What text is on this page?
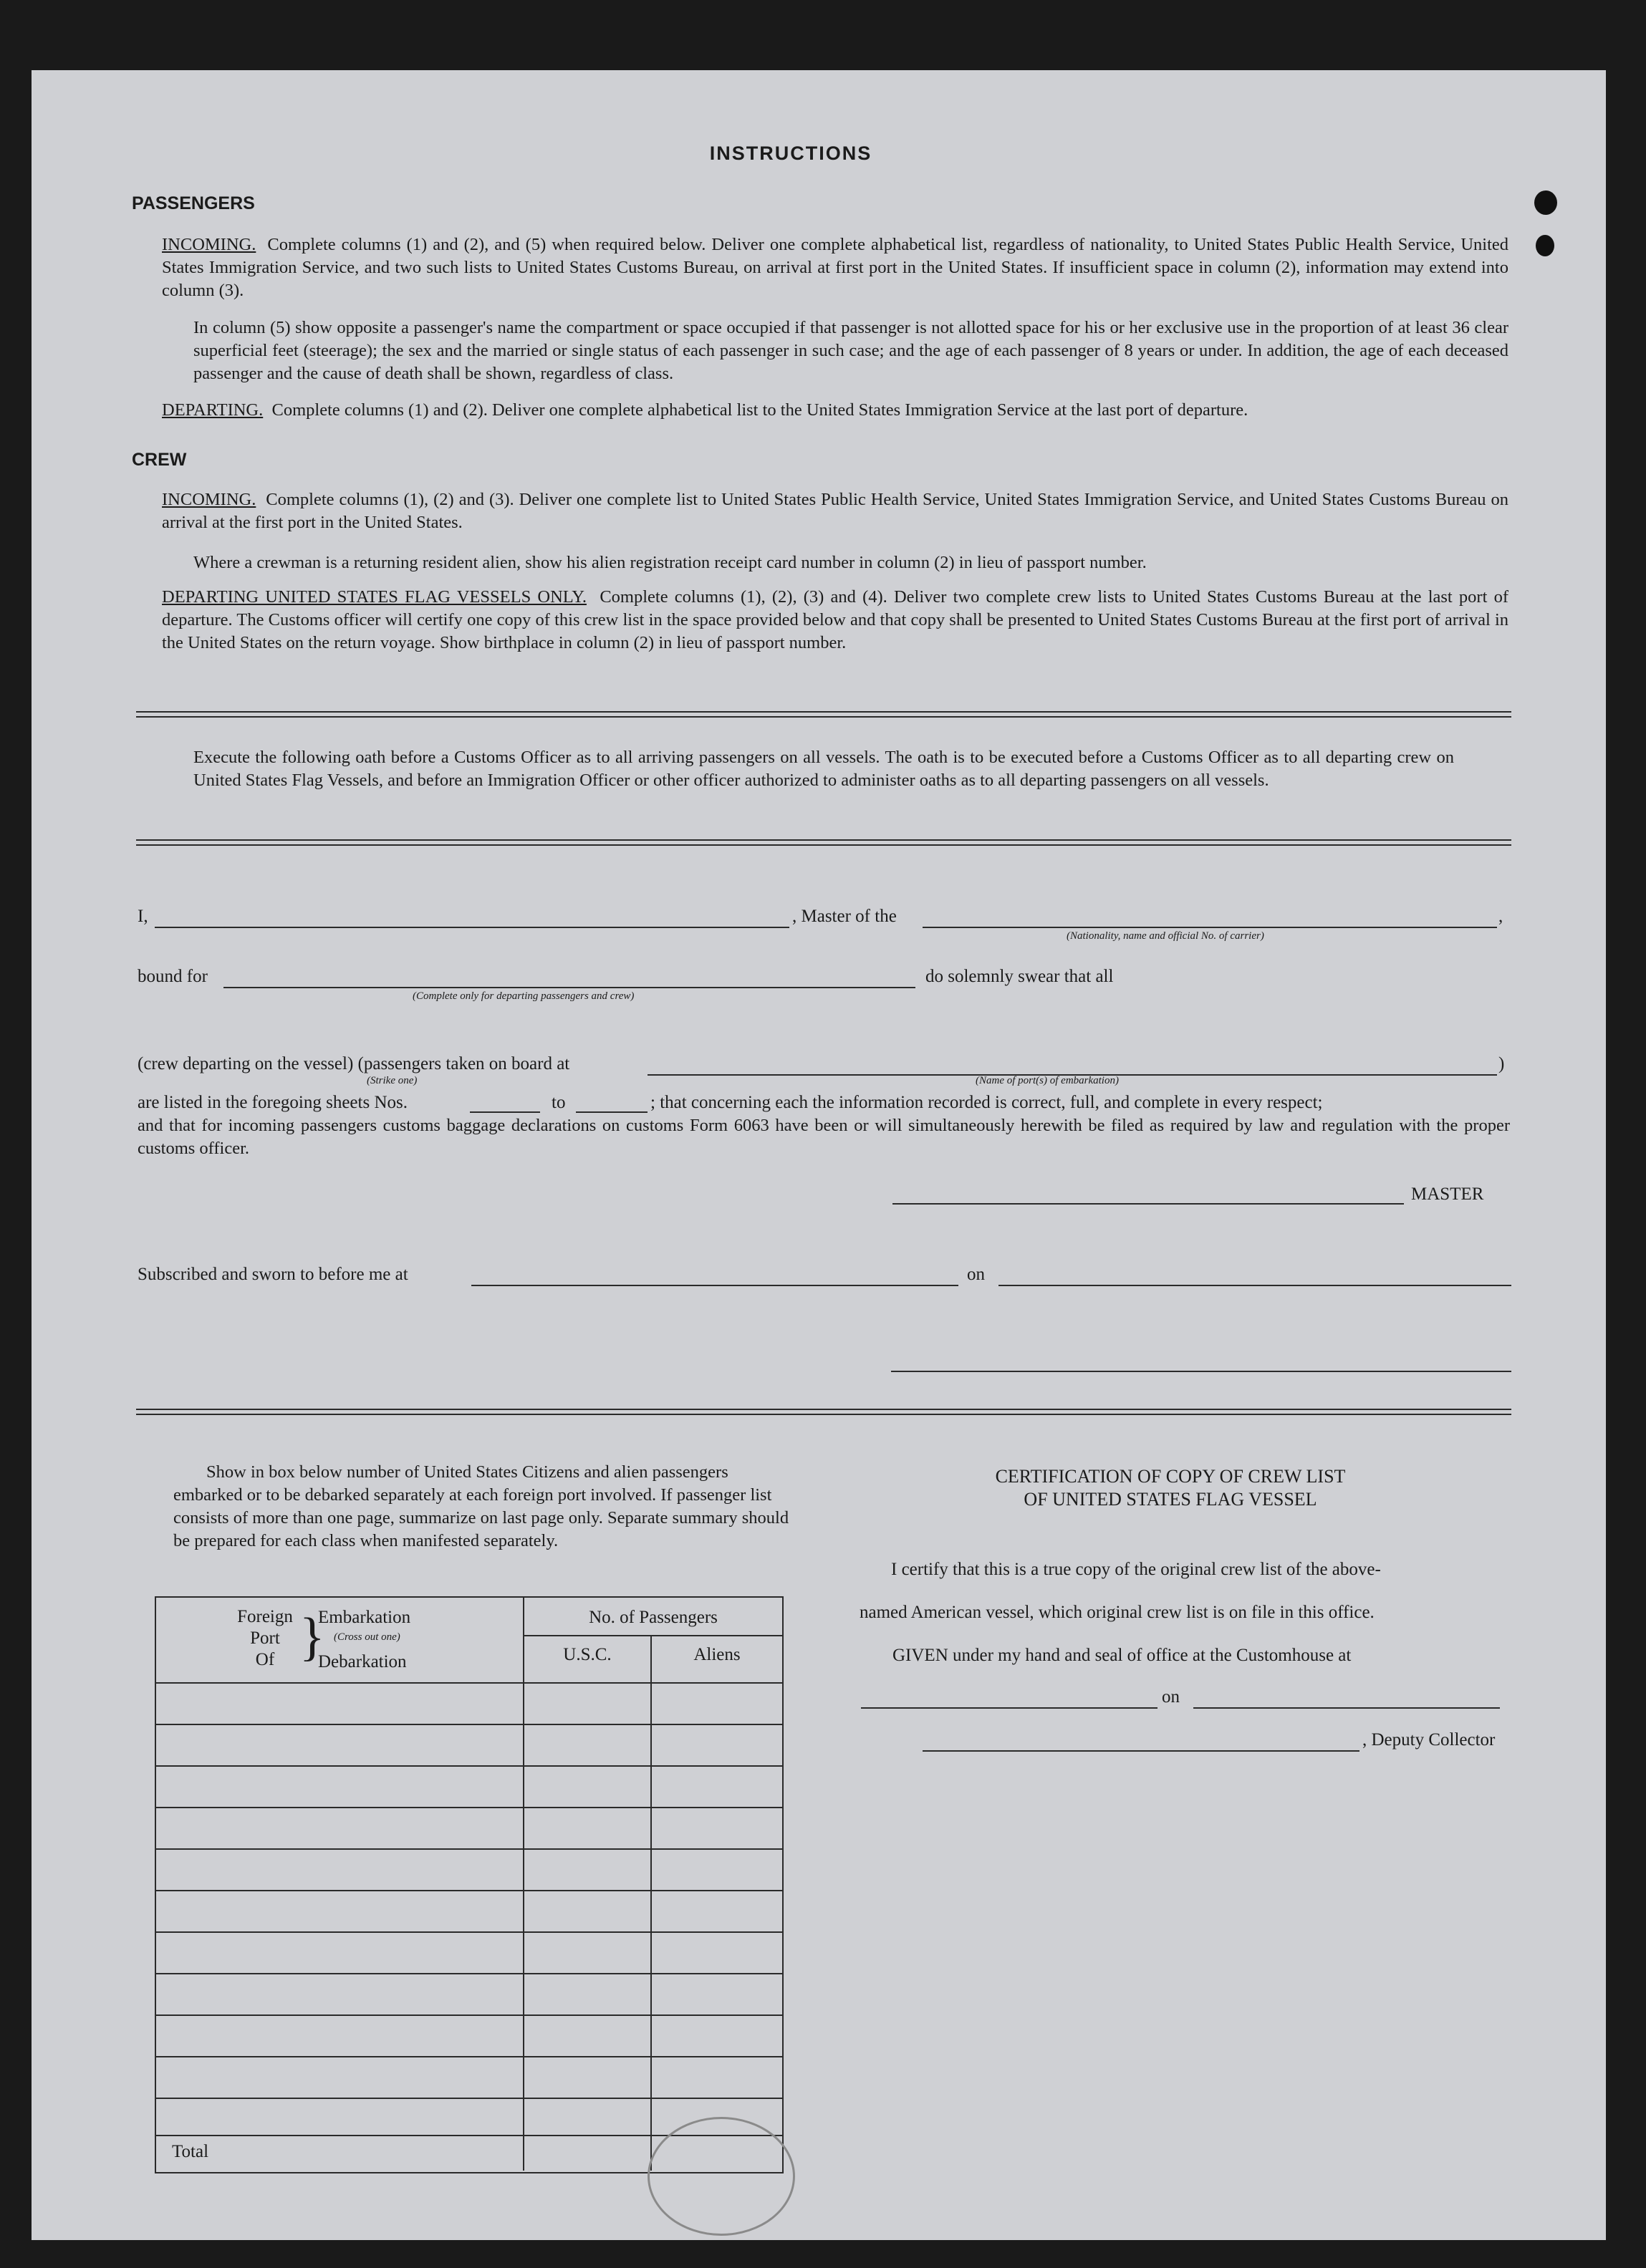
INSTRUCTIONS
PASSENGERS
INCOMING. Complete columns (1) and (2), and (5) when required below. Deliver one complete alphabetical list, regardless of nationality, to United States Public Health Service, United States Immigration Service, and two such lists to United States Customs Bureau, on arrival at first port in the United States. If insufficient space in column (2), information may extend into column (3).
In column (5) show opposite a passenger's name the compartment or space occupied if that passenger is not allotted space for his or her exclusive use in the proportion of at least 36 clear superficial feet (steerage); the sex and the married or single status of each passenger in such case; and the age of each passenger of 8 years or under. In addition, the age of each deceased passenger and the cause of death shall be shown, regardless of class.
DEPARTING. Complete columns (1) and (2). Deliver one complete alphabetical list to the United States Immigration Service at the last port of departure.
CREW
INCOMING. Complete columns (1), (2) and (3). Deliver one complete list to United States Public Health Service, United States Immigration Service, and United States Customs Bureau on arrival at the first port in the United States.
Where a crewman is a returning resident alien, show his alien registration receipt card number in column (2) in lieu of passport number.
DEPARTING UNITED STATES FLAG VESSELS ONLY. Complete columns (1), (2), (3) and (4). Deliver two complete crew lists to United States Customs Bureau at the last port of departure. The Customs officer will certify one copy of this crew list in the space provided below and that copy shall be presented to United States Customs Bureau at the first port of arrival in the United States on the return voyage. Show birthplace in column (2) in lieu of passport number.
Execute the following oath before a Customs Officer as to all arriving passengers on all vessels. The oath is to be executed before a Customs Officer as to all departing crew on United States Flag Vessels, and before an Immigration Officer or other officer authorized to administer oaths as to all departing passengers on all vessels.
I,	, Master of the	,
(Nationality, name and official No. of carrier)
bound for	do solemnly swear that all
(Complete only for departing passengers and crew)
(crew departing on the vessel) (passengers taken on board at	)
(Strike one)	(Name of port(s) of embarkation)
are listed in the foregoing sheets Nos.	to	; that concerning each the information recorded is correct, full, and complete in every respect;
and that for incoming passengers customs baggage declarations on customs Form 6063 have been or will simultaneously herewith be filed as required by law and regulation with the proper customs officer.
MASTER
Subscribed and sworn to before me at	on
Show in box below number of United States Citizens and alien passengers embarked or to be debarked separately at each foreign port involved. If passenger list consists of more than one page, summarize on last page only. Separate summary should be prepared for each class when manifested separately.
Foreign
Port
Of }
Embarkation
(Cross out one)
Debarkation
No. of Passengers
U.S.C.	Aliens
Total
CERTIFICATION OF COPY OF CREW LIST
OF UNITED STATES FLAG VESSEL
I certify that this is a true copy of the original crew list of the above-
named American vessel, which original crew list is on file in this office.
GIVEN under my hand and seal of office at the Customhouse at
on
, Deputy Collector
